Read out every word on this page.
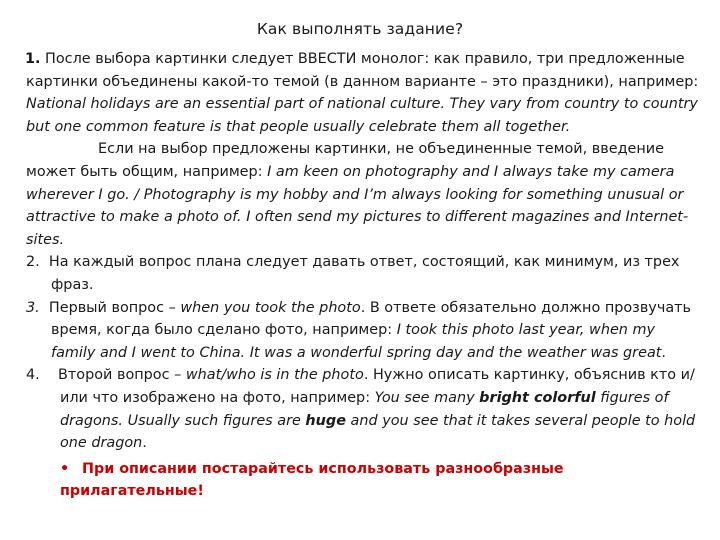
Как выполнять задание?

1. После выбора картинки следует ВВЕСТИ монолог: как правило, три предложенные картинки объединены какой-то темой (в данном варианте – это праздники), например: National holidays are an essential part of national culture. They vary from country to country but one common feature is that people usually celebrate them all together.

Если на выбор предложены картинки, не объединенные темой, введение может быть общим, например: I am keen on photography and I always take my camera wherever I go. / Photography is my hobby and I’m always looking for something unusual or attractive to make a photo of. I often send my pictures to different magazines and Internet-sites.

2. На каждый вопрос плана следует давать ответ, состоящий, как минимум, из трех фраз.

3. Первый вопрос – when you took the photo. В ответе обязательно должно прозвучать время, когда было сделано фото, например: I took this photo last year, when my family and I went to China. It was a wonderful spring day and the weather was great.

4. Второй вопрос – what/who is in the photo. Нужно описать картинку, объяснив кто и/или что изображено на фото, например: You see many bright colorful figures of dragons. Usually such figures are huge and you see that it takes several people to hold one dragon.

• При описании постарайтесь использовать разнообразные прилагательные!
